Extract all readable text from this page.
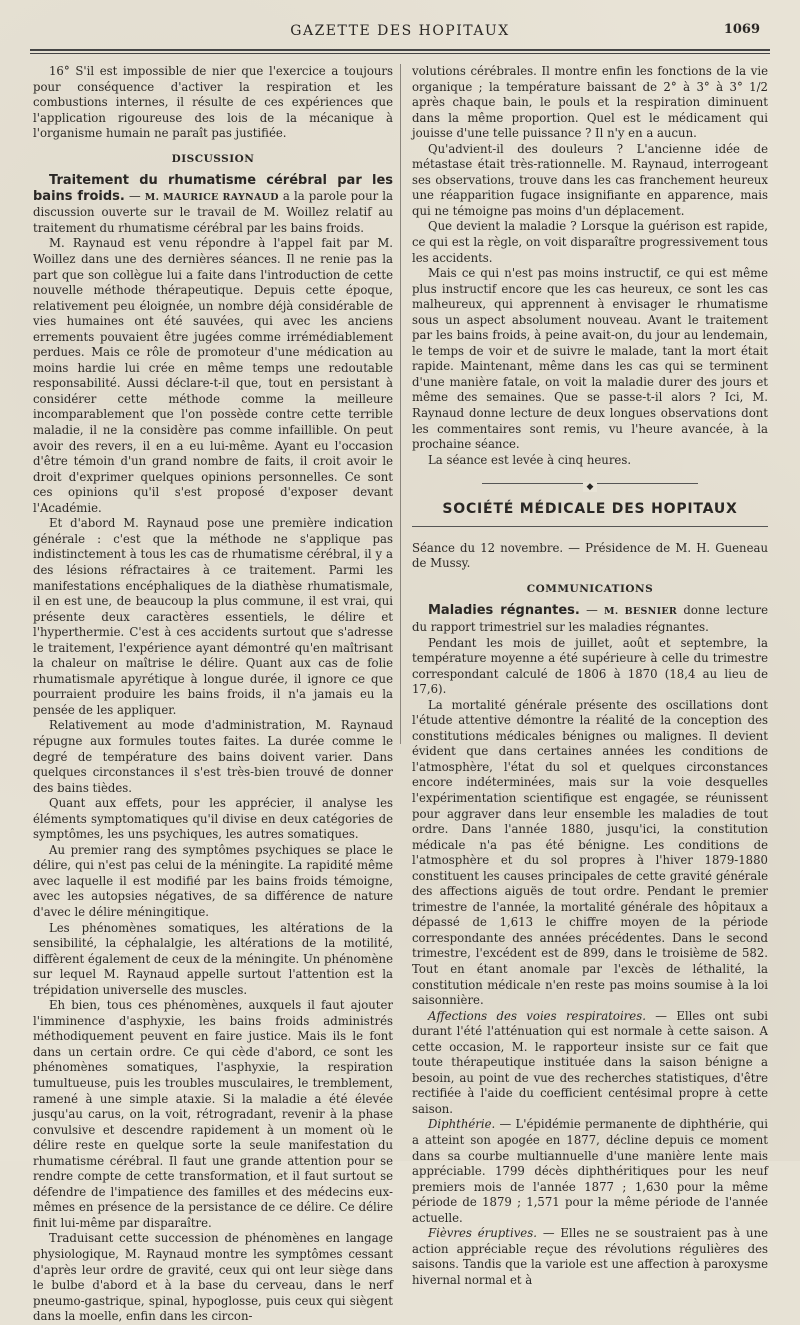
GAZETTE DES HOPITAUX	1069

16° S'il est impossible de nier que l'exercice a toujours pour conséquence d'activer la respiration et les combustions internes, il résulte de ces expériences que l'application rigoureuse des lois de la mécanique à l'organisme humain ne paraît pas justifiée.

DISCUSSION

Traitement du rhumatisme cérébral par les bains froids. — M. MAURICE RAYNAUD a la parole pour la discussion ouverte sur le travail de M. Woillez relatif au traitement du rhumatisme cérébral par les bains froids.

M. Raynaud est venu répondre à l'appel fait par M. Woillez dans une des dernières séances. Il ne renie pas la part que son collègue lui a faite dans l'introduction de cette nouvelle méthode thérapeutique. Depuis cette époque, relativement peu éloignée, un nombre déjà considérable de vies humaines ont été sauvées, qui avec les anciens errements pouvaient être jugées comme irrémédiablement perdues. Mais ce rôle de promoteur d'une médication au moins hardie lui crée en même temps une redoutable responsabilité. Aussi déclare-t-il que, tout en persistant à considérer cette méthode comme la meilleure incomparablement que l'on possède contre cette terrible maladie, il ne la considère pas comme infaillible. On peut avoir des revers, il en a eu lui-même. Ayant eu l'occasion d'être témoin d'un grand nombre de faits, il croit avoir le droit d'exprimer quelques opinions personnelles. Ce sont ces opinions qu'il s'est proposé d'exposer devant l'Académie.

Et d'abord M. Raynaud pose une première indication générale : c'est que la méthode ne s'applique pas indistinctement à tous les cas de rhumatisme cérébral, il y a des lésions réfractaires à ce traitement. Parmi les manifestations encéphaliques de la diathèse rhumatismale, il en est une, de beaucoup la plus commune, il est vrai, qui présente deux caractères essentiels, le délire et l'hyperthermie. C'est à ces accidents surtout que s'adresse le traitement, l'expérience ayant démontré qu'en maîtrisant la chaleur on maîtrise le délire. Quant aux cas de folie rhumatismale apyrétique à longue durée, il ignore ce que pourraient produire les bains froids, il n'a jamais eu la pensée de les appliquer.

Relativement au mode d'administration, M. Raynaud répugne aux formules toutes faites. La durée comme le degré de température des bains doivent varier. Dans quelques circonstances il s'est très-bien trouvé de donner des bains tièdes.

Quant aux effets, pour les apprécier, il analyse les éléments symptomatiques qu'il divise en deux catégories de symptômes, les uns psychiques, les autres somatiques.

Au premier rang des symptômes psychiques se place le délire, qui n'est pas celui de la méningite. La rapidité même avec laquelle il est modifié par les bains froids témoigne, avec les autopsies négatives, de sa différence de nature d'avec le délire méningitique.

Les phénomènes somatiques, les altérations de la sensibilité, la céphalalgie, les altérations de la motilité, diffèrent également de ceux de la méningite. Un phénomène sur lequel M. Raynaud appelle surtout l'attention est la trépidation universelle des muscles.

Eh bien, tous ces phénomènes, auxquels il faut ajouter l'imminence d'asphyxie, les bains froids administrés méthodiquement peuvent en faire justice. Mais ils le font dans un certain ordre. Ce qui cède d'abord, ce sont les phénomènes somatiques, l'asphyxie, la respiration tumultueuse, puis les troubles musculaires, le tremblement, ramené à une simple ataxie. Si la maladie a été élevée jusqu'au carus, on la voit, rétrogradant, revenir à la phase convulsive et descendre rapidement à un moment où le délire reste en quelque sorte la seule manifestation du rhumatisme cérébral. Il faut une grande attention pour se rendre compte de cette transformation, et il faut surtout se défendre de l'impatience des familles et des médecins eux-mêmes en présence de la persistance de ce délire. Ce délire finit lui-même par disparaître.

Traduisant cette succession de phénomènes en langage physiologique, M. Raynaud montre les symptômes cessant d'après leur ordre de gravité, ceux qui ont leur siège dans le bulbe d'abord et à la base du cerveau, dans le nerf pneumo-gastrique, spinal, hypoglosse, puis ceux qui siègent dans la moelle, enfin dans les circon-

volutions cérébrales. Il montre enfin les fonctions de la vie organique ; la température baissant de 2° à 3° à 3° 1/2 après chaque bain, le pouls et la respiration diminuent dans la même proportion. Quel est le médicament qui jouisse d'une telle puissance ? Il n'y en a aucun.

Qu'advient-il des douleurs ? L'ancienne idée de métastase était très-rationnelle. M. Raynaud, interrogeant ses observations, trouve dans les cas franchement heureux une réapparition fugace insignifiante en apparence, mais qui ne témoigne pas moins d'un déplacement.

Que devient la maladie ? Lorsque la guérison est rapide, ce qui est la règle, on voit disparaître progressivement tous les accidents.

Mais ce qui n'est pas moins instructif, ce qui est même plus instructif encore que les cas heureux, ce sont les cas malheureux, qui apprennent à envisager le rhumatisme sous un aspect absolument nouveau. Avant le traitement par les bains froids, à peine avait-on, du jour au lendemain, le temps de voir et de suivre le malade, tant la mort était rapide. Maintenant, même dans les cas qui se terminent d'une manière fatale, on voit la maladie durer des jours et même des semaines. Que se passe-t-il alors ? Ici, M. Raynaud donne lecture de deux longues observations dont les commentaires sont remis, vu l'heure avancée, à la prochaine séance.

La séance est levée à cinq heures.

◆
SOCIÉTÉ MÉDICALE DES HOPITAUX

Séance du 12 novembre. — Présidence de M. H. Gueneau de Mussy.

COMMUNICATIONS

Maladies régnantes. — M. BESNIER donne lecture du rapport trimestriel sur les maladies régnantes.

Pendant les mois de juillet, août et septembre, la température moyenne a été supérieure à celle du trimestre correspondant calculé de 1806 à 1870 (18,4 au lieu de 17,6).

La mortalité générale présente des oscillations dont l'étude attentive démontre la réalité de la conception des constitutions médicales bénignes ou malignes. Il devient évident que dans certaines années les conditions de l'atmosphère, l'état du sol et quelques circonstances encore indéterminées, mais sur la voie desquelles l'expérimentation scientifique est engagée, se réunissent pour aggraver dans leur ensemble les maladies de tout ordre. Dans l'année 1880, jusqu'ici, la constitution médicale n'a pas été bénigne. Les conditions de l'atmosphère et du sol propres à l'hiver 1879-1880 constituent les causes principales de cette gravité générale des affections aiguës de tout ordre. Pendant le premier trimestre de l'année, la mortalité générale des hôpitaux a dépassé de 1,613 le chiffre moyen de la période correspondante des années précédentes. Dans le second trimestre, l'excédent est de 899, dans le troisième de 582. Tout en étant anomale par l'excès de léthalité, la constitution médicale n'en reste pas moins soumise à la loi saisonnière.

Affections des voies respiratoires. — Elles ont subi durant l'été l'atténuation qui est normale à cette saison. A cette occasion, M. le rapporteur insiste sur ce fait que toute thérapeutique instituée dans la saison bénigne a besoin, au point de vue des recherches statistiques, d'être rectifiée à l'aide du coefficient centésimal propre à cette saison.

Diphthérie. — L'épidémie permanente de diphthérie, qui a atteint son apogée en 1877, décline depuis ce moment dans sa courbe multiannuelle d'une manière lente mais appréciable. 1799 décès diphthéritiques pour les neuf premiers mois de l'année 1877 ; 1,630 pour la même période de 1879 ; 1,571 pour la même période de l'année actuelle.

Fièvres éruptives. — Elles ne se soustraient pas à une action appréciable reçue des révolutions régulières des saisons. Tandis que la variole est une affection à paroxysme hivernal normal et à
